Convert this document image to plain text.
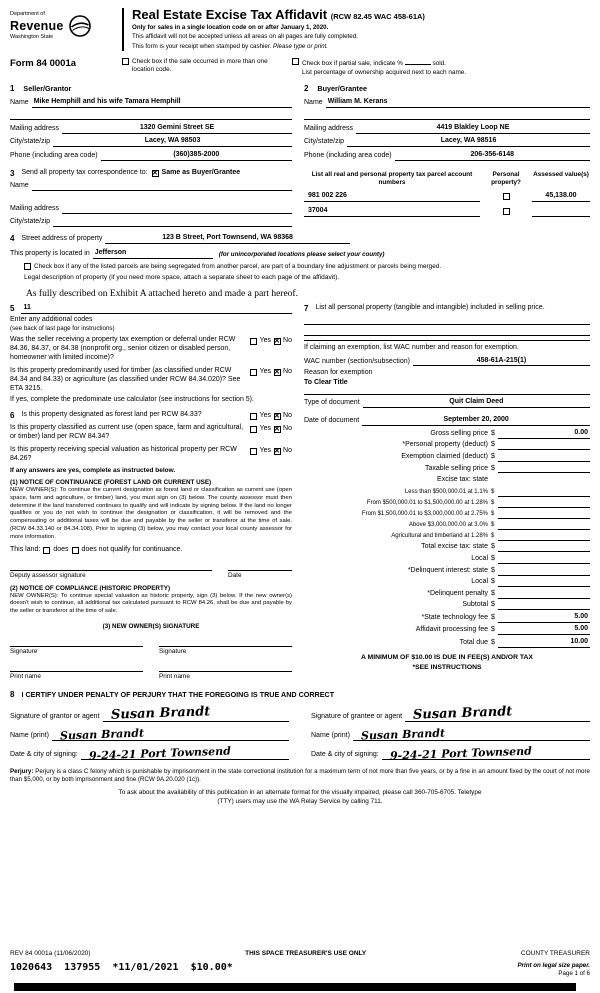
Department of
Revenue
Washington State
Real Estate Excise Tax Affidavit (RCW 82.45 WAC 458-61A)
Only for sales in a single location code on or after January 1, 2020.
This affidavit will not be accepted unless all areas on all pages are fully completed.
This form is your receipt when stamped by cashier. Please type or print.
Form 84 0001a	Check box if the sale occurred in more than one location code.
Check box if partial sale, indicate %	sold.
List percentage of ownership acquired next to each name.
1 Seller/Grantor
Name Mike Hemphill and his wife Tamara Hemphill
Mailing address	1320 Gemini Street SE
City/state/zip	Lacey, WA 98503
Phone (including area code)	(360)385-2000
2 Buyer/Grantee
Name William M. Kerans
Mailing address	4419 Blakley Loop NE
City/state/zip	Lacey, WA 98516
Phone (including area code)	206-356-6148
3 Send all property tax correspondence to: ✕ Same as Buyer/Grantee
Name
Mailing address
City/state/zip
List all real and personal property tax parcel account numbers
Personal property?
Assessed value(s)
981 002 226	45,138.00
37004
4 Street address of property	123 B Street, Port Townsend, WA 98368
This property is located in Jefferson	(for unincorporated locations please select your county)
Check box if any of the listed parcels are being segregated from another parcel, are part of a boundary line adjustment or parcels being merged.
Legal description of property (if you need more space, attach a separate sheet to each page of the affidavit).
As fully described on Exhibit A attached hereto and made a part hereof.
5 11
Enter any additional codes
(see back of last page for instructions)
Was the seller receiving a property tax exemption or deferral under RCW 84.36, 84.37, or 84.38 (nonprofit org., senior citizen or disabled person, homeowner with limited income)?
Yes ✕ No
Is this property predominantly used for timber (as classified under RCW 84.34 and 84.33) or agriculture (as classified under RCW 84.34.020)? See ETA 3215.
Yes ✕ No
If yes, complete the predominate use calculator (see instructions for section 5).
6 Is this property designated as forest land per RCW 84.33?	Yes ✕ No
Is this property classified as current use (open space, farm and agricultural, or timber) land per RCW 84.34?
Yes ✕ No
Is this property receiving special valuation as historical property per RCW 84.26?
Yes ✕ No
If any answers are yes, complete as instructed below.
(1) NOTICE OF CONTINUANCE (FOREST LAND OR CURRENT USE)
NEW OWNER(S): To continue the current designation as forest land or classification as current use (open space, farm and agriculture, or timber) land, you must sign on (3) below. The county assessor must then determine if the land transferred continues to qualify and will indicate by signing below. If the land no longer qualifies or you do not wish to continue the designation or classification, it will be removed and the compensating or additional taxes will be due and payable by the seller or transferor at the time of sale. (RCW 84.33.140 or 84.34.108). Prior to signing (3) below, you may contact your local county assessor for more information.
This land: does does not qualify for continuance.
Deputy assessor signature	Date
(2) NOTICE OF COMPLIANCE (HISTORIC PROPERTY)
NEW OWNER(S): To continue special valuation as historic property, sign (3) below. If the new owner(s) doesn't wish to continue, all additional tax calculated pursuant to RCW 84.26, shall be due and payable by the seller or transferor at the time of sale.
(3) NEW OWNER(S) SIGNATURE
Signature	Signature
Print name	Print name
7 List all personal property (tangible and intangible) included in selling price.
If claiming an exemption, list WAC number and reason for exemption.
WAC number (section/subsection)	458-61A-215(1)
Reason for exemption
To Clear Title
Type of document	Quit Claim Deed
Date of document	September 20, 2000
Gross selling price $	0.00
*Personal property (deduct) $
Exemption claimed (deduct) $
Taxable selling price $
Excise tax: state
Less than $500,000.01 at 1.1% $
From $500,000.01 to $1,500,000.00 at 1.28% $
From $1,500,000.01 to $3,000,000.00 at 2.75% $
Above $3,000,000.00 at 3.0% $
Agricultural and timberland at 1.28% $
Total excise tax: state $
Local $
*Delinquent interest: state $
Local $
*Delinquent penalty $
Subtotal $
*State technology fee $	5.00
Affidavit processing fee $	5.00
Total due $	10.00
A MINIMUM OF $10.00 IS DUE IN FEE(S) AND/OR TAX
*SEE INSTRUCTIONS
8 I CERTIFY UNDER PENALTY OF PERJURY THAT THE FOREGOING IS TRUE AND CORRECT
Signature of grantor or agent Susan Brandt
Name (print) Susan Brandt
Date & city of signing: 9-24-21 Port Townsend
Signature of grantee or agent Susan Brandt
Name (print) Susan Brandt
Date & city of signing: 9-24-21 Port Townsend
Perjury: Perjury is a class C felony which is punishable by imprisonment in the state correctional institution for a maximum term of not more than five years, or by a fine in an amount fixed by the court of not more than $5,000, or by both imprisonment and fine (RCW 9A.20.020 (1c)).
To ask about the availability of this publication in an alternate format for the visually impaired, please call 360-705-6705. Teletype
(TTY) users may use the WA Relay Service by calling 711.
REV 84 0001a (11/06/2020)	THIS SPACE TREASURER'S USE ONLY	COUNTY TREASURER
1020643  137955  *11/01/2021  $10.00*	Print on legal size paper.
Page 1 of 6
